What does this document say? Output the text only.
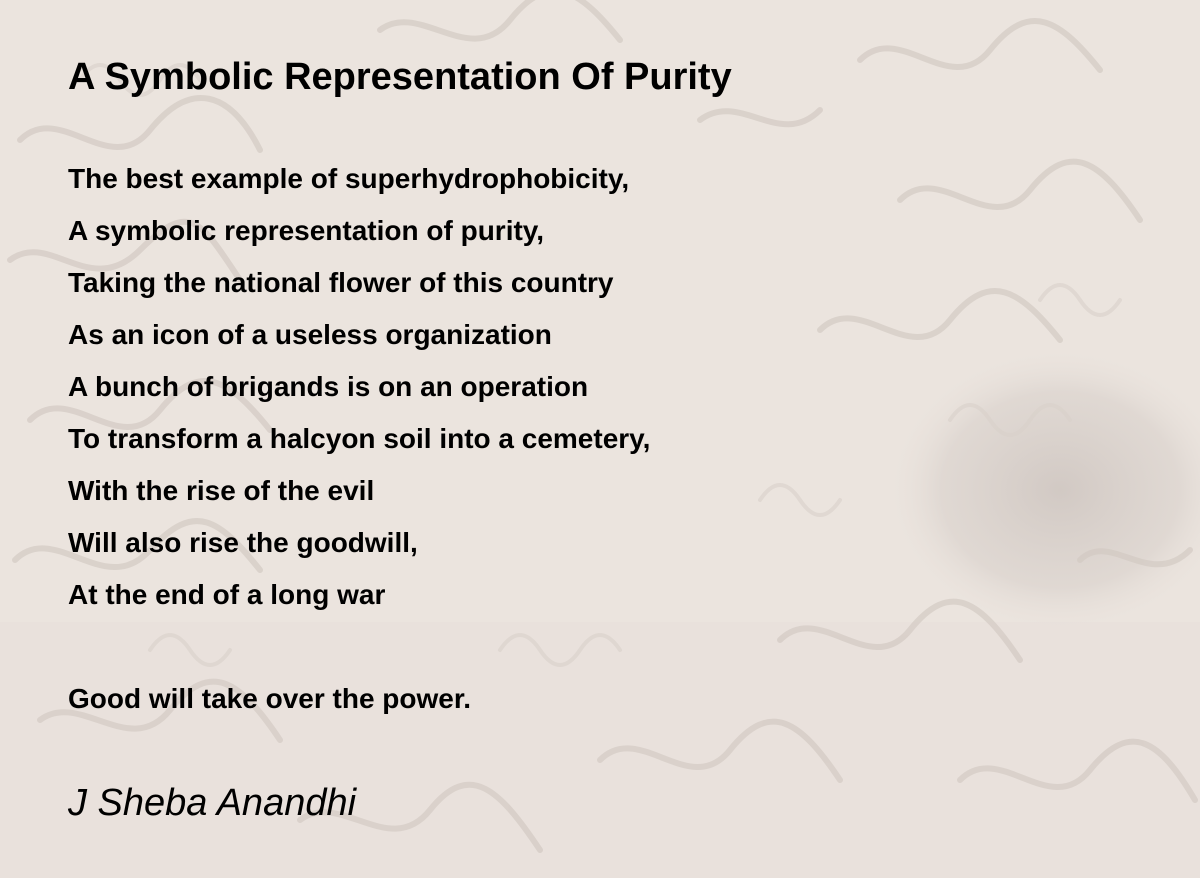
A Symbolic Representation Of Purity
The best example of superhydrophobicity,
A symbolic representation of purity,
Taking the national flower of this country
As an icon of a useless organization
A bunch of brigands is on an operation
To transform a halcyon soil into a cemetery,
With the rise of the evil
Will also rise the goodwill,
At the end of a long war
Good will take over the power.

J Sheba Anandhi
